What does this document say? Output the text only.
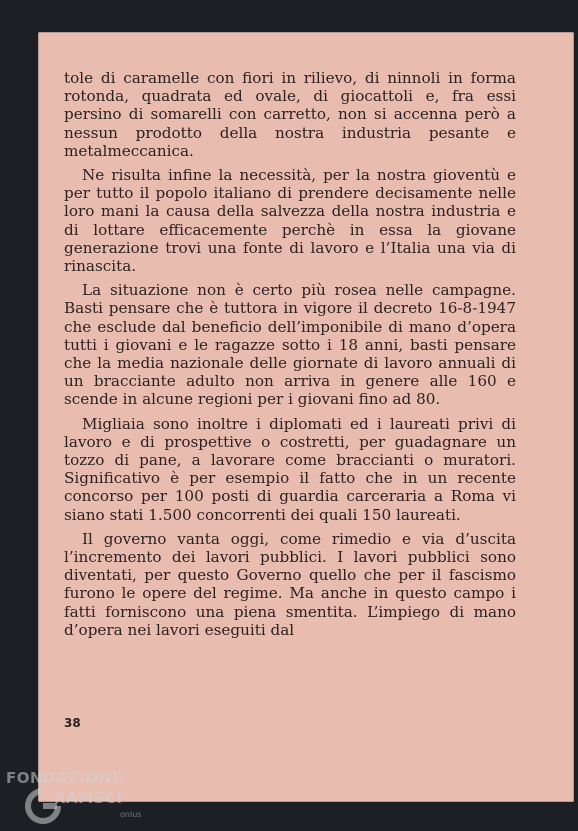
tole di caramelle con fiori in rilievo, di ninnoli in forma rotonda, quadrata ed ovale, di giocattoli e, fra essi persino di somarelli con carretto, non si accenna però a nessun prodotto della nostra industria pesante e metalmeccanica.

Ne risulta infine la necessità, per la nostra gioventù e per tutto il popolo italiano di prendere decisamente nelle loro mani la causa della salvezza della nostra industria e di lottare efficacemente perchè in essa la giovane generazione trovi una fonte di lavoro e l’Italia una via di rinascita.

La situazione non è certo più rosea nelle campagne. Basti pensare che è tuttora in vigore il decreto 16-8-1947 che esclude dal beneficio dell’imponibile di mano d’opera tutti i giovani e le ragazze sotto i 18 anni, basti pensare che la media nazionale delle giornate di lavoro annuali di un bracciante adulto non arriva in genere alle 160 e scende in alcune regioni per i giovani fino ad 80.

Migliaia sono inoltre i diplomati ed i laureati privi di lavoro e di prospettive o costretti, per guadagnare un tozzo di pane, a lavorare come braccianti o muratori. Significativo è per esempio il fatto che in un recente concorso per 100 posti di guardia carceraria a Roma vi siano stati 1.500 concorrenti dei quali 150 laureati.

Il governo vanta oggi, come rimedio e via d’uscita l’incremento dei lavori pubblici. I lavori pubblici sono diventati, per questo Governo quello che per il fascismo furono le opere del regime. Ma anche in questo campo i fatti forniscono una piena smentita. L’impiego di mano d’opera nei lavori eseguiti dal

38
FONDAZIONE
RAMSCI
onlus
